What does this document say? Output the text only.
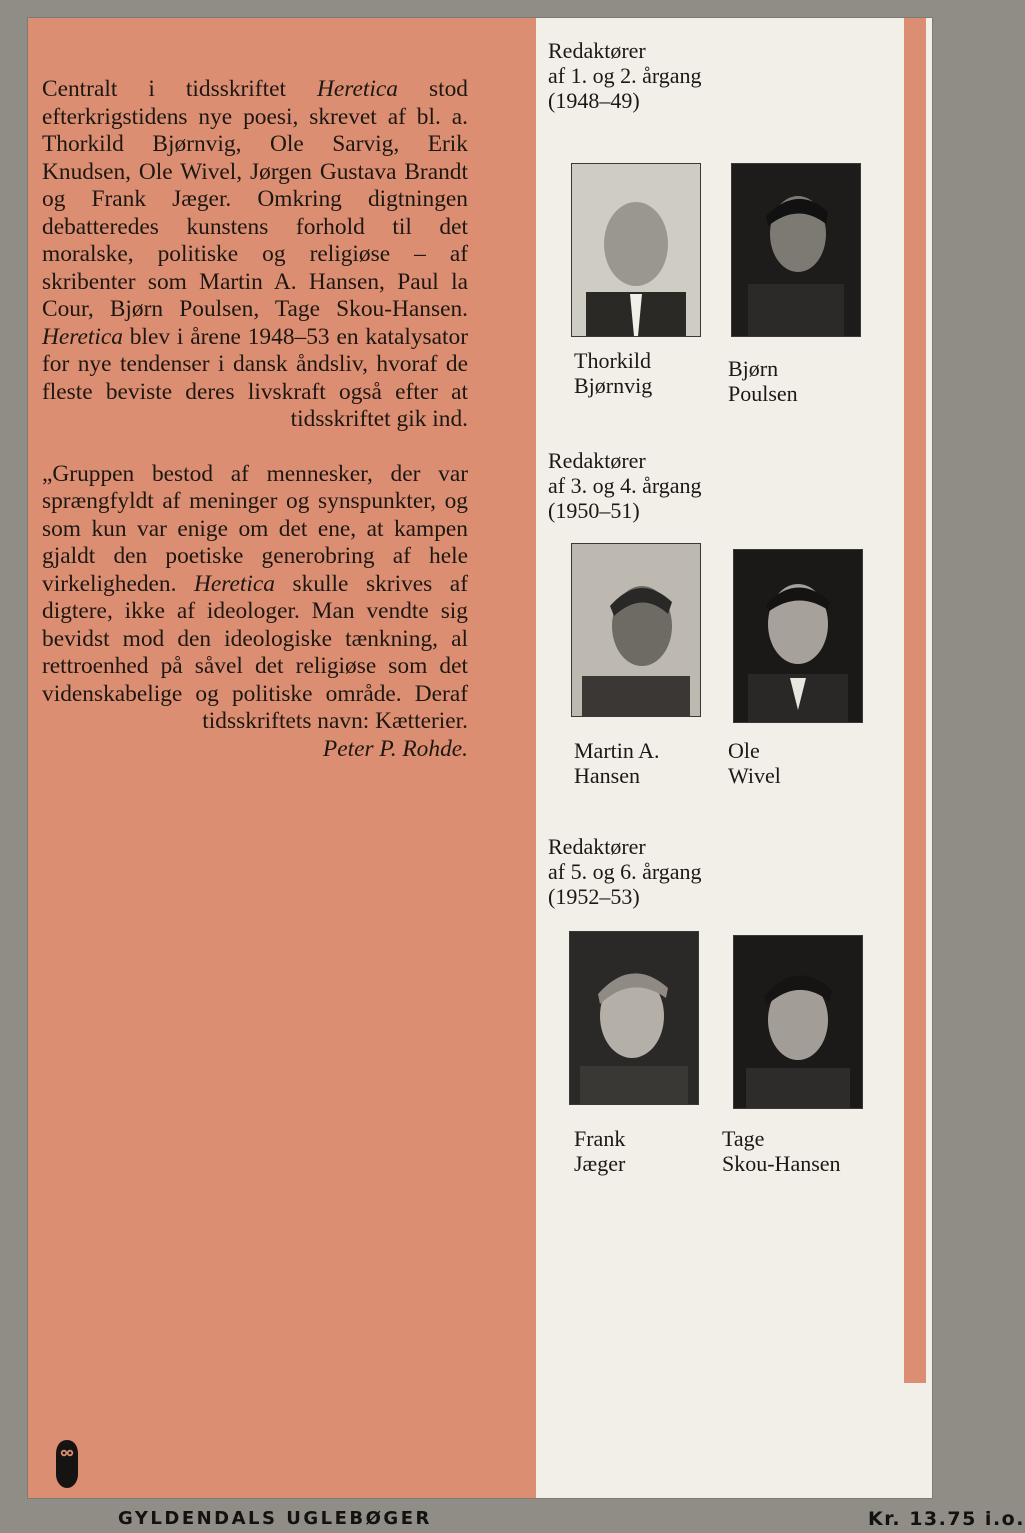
Centralt i tidsskriftet Heretica stod efterkrigstidens nye poesi, skrevet af bl. a. Thorkild Bjørnvig, Ole Sarvig, Erik Knudsen, Ole Wivel, Jørgen Gustava Brandt og Frank Jæger. Omkring digtningen debatteredes kunstens forhold til det moralske, politiske og religiøse – af skribenter som Martin A. Hansen, Paul la Cour, Bjørn Poulsen, Tage Skou-Hansen. Heretica blev i årene 1948–53 en katalysator for nye tendenser i dansk åndsliv, hvoraf de fleste beviste deres livskraft også efter at tidsskriftet gik ind.

„Gruppen bestod af mennesker, der var sprængfyldt af meninger og synspunkter, og som kun var enige om det ene, at kampen gjaldt den poetiske generobring af hele virkeligheden. Heretica skulle skrives af digtere, ikke af ideologer. Man vendte sig bevidst mod den ideologiske tænkning, al rettroenhed på såvel det religiøse som det videnskabelige og politiske område. Deraf tidsskriftets navn: Kætterier.
Peter P. Rohde.

GYLDENDALS UGLEBØGER	Kr. 13.75 i.o.
Redaktører
af 1. og 2. årgang
(1948–49)
Thorkild
Bjørnvig
Bjørn
Poulsen
Redaktører
af 3. og 4. årgang
(1950–51)
Martin A.
Hansen
Ole
Wivel
Redaktører
af 5. og 6. årgang
(1952–53)
Frank
Jæger
Tage
Skou-Hansen
